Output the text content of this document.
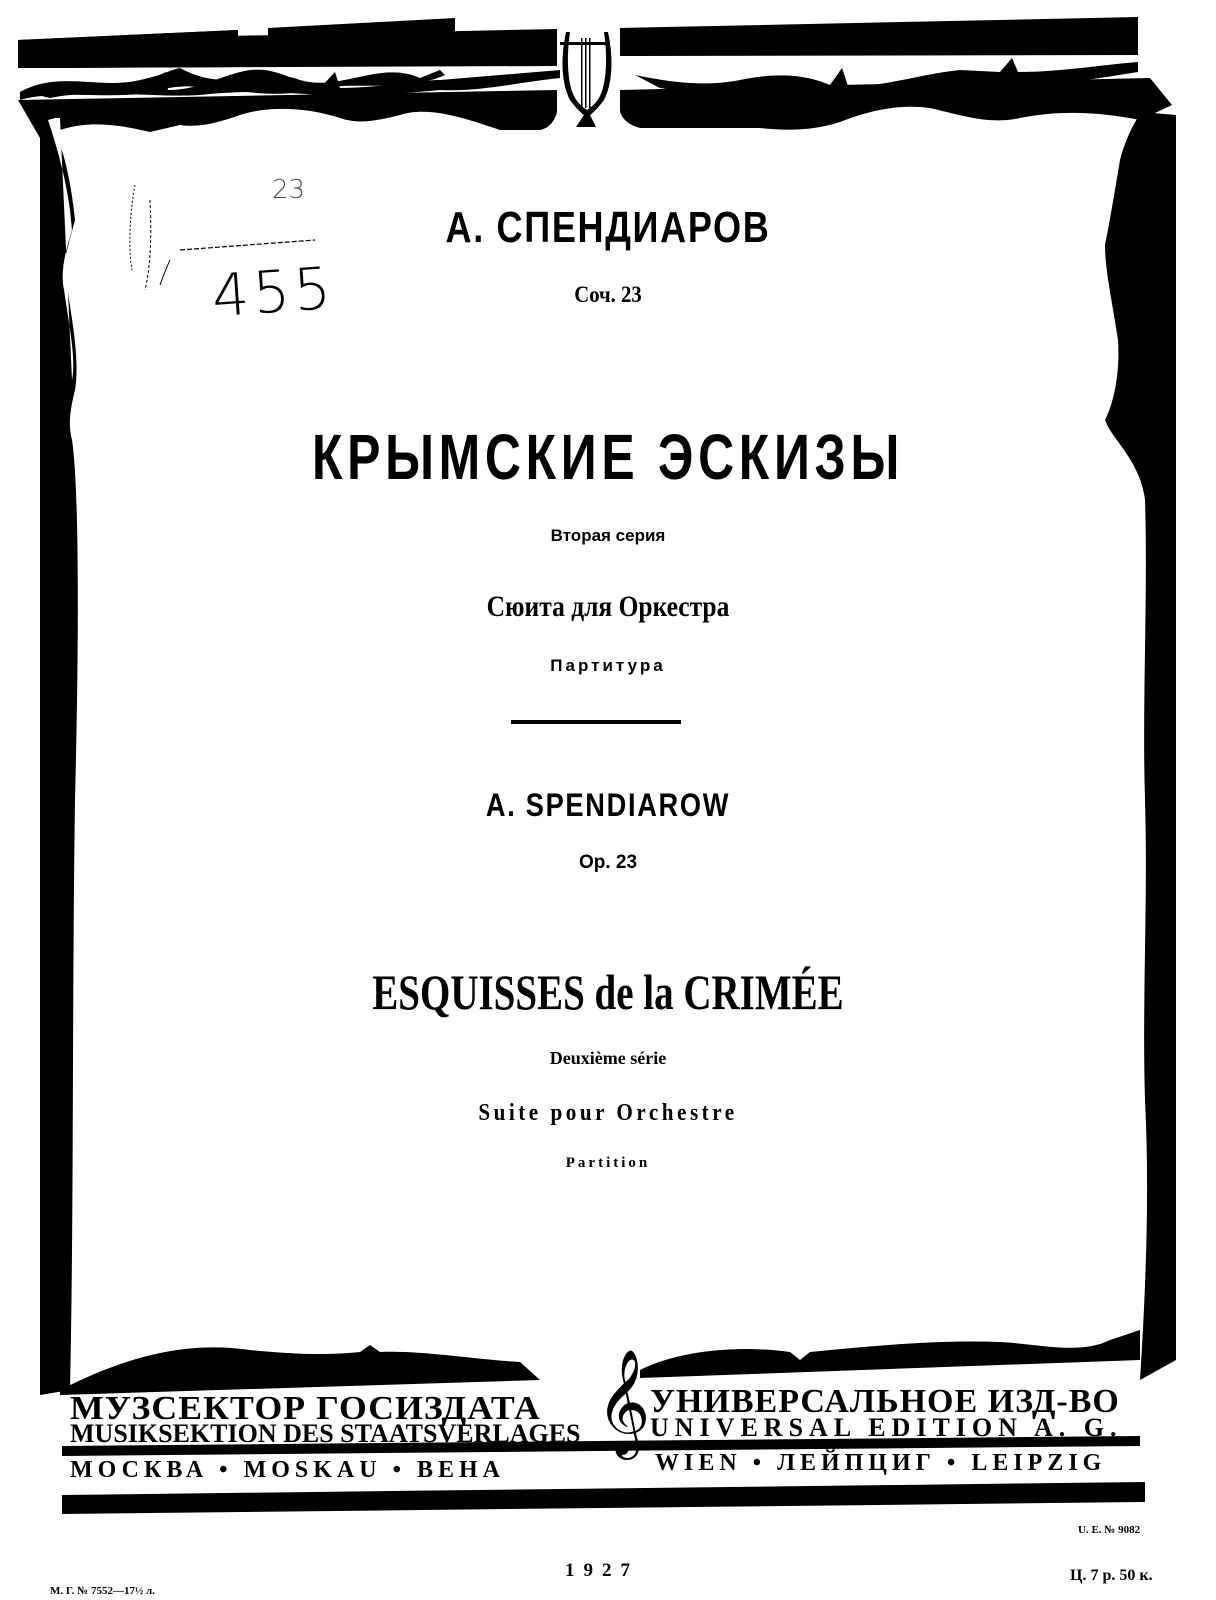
23
455
А. СПЕНДИАРОВ
Соч. 23
КРЫМСКИЕ ЭСКИЗЫ
Вторая серия
Сюита для Оркестра
Партитура
A. SPENDIAROW
Op. 23
ESQUISSES de la CRIMÉE
Deuxième série
Suite pour Orchestre
Partition
МУЗСЕКТОР ГОСИЗДАТА
MUSIKSEKTION DES STAATSVERLAGES 𝄞 УНИВЕРСАЛЬНОЕ ИЗД-ВО
UNIVERSAL EDITION A. G.
МОСКВА • MOSKAU • ВЕНА	WIEN • ЛЕЙПЦИГ • LEIPZIG
1927
U. E. № 9082
Ц. 7 р. 50 к.
М. Г. № 7552—17½ л.
